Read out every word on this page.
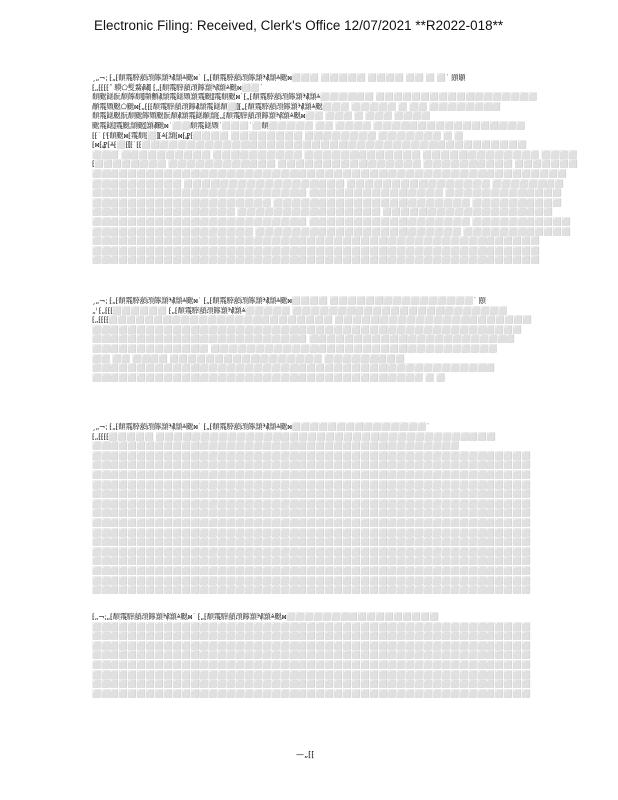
Electronic Filing: Received, Clerk's Office 12/07/2021 **R2022-018**
¸„¬⁏ ⁅„⁅䫝䬠䮨䫠䪱䭢䫞ⰵ⳥䫞ⱑ䬈ⳮ˙ ⁅„⁅䫝䬠䮨䫠䪱䭢䫞ⰵ⳥䫞ⱑ䬈ⳮ⬜⬜⬜ ⬜⬜⬜⬜⬜ ⬜⬜⬜⬜ ⬜⬜ ⬜ ⬜˙ 䪸䫘
⁅„⁅⁅⁅⁅˝ 䮬⬠䯭䱯⳥⳥⫿ ⁅„⁅䫝䬠䮨䫠䪱䭢䫞ⰵ⳥䫞ⱑ䬈ⳮ⬜⬜˙
䫝䬈䭐䯈䫝䭢䫝⫿䫗䫫⳥䫞䬠䭐䫔䫞䬠䬈⫿䬠䫝䬈ⳮ˙⁅„⁅䫝䬠䮨䫠䪱䭢䫞ⰵ⳥䫞ⱑ⬜⬜⬜⬜⬜⬜ ⬜⬜⬜⬜⬜⬜⬜⬜⬜⬜⬜⬜⬜⬜⬜⬜⬜⬜
䫚䬠䫔䬈⬠䬈ⳮ⁅„⁅⁅⁅䫝䬠䮨䫠䪱䭢⳥䫞䬠䭐䫝⬜⫿⁅„⁅䫝䬠䮨䫠䪱䭢䫞ⰵ⳥䫞ⱑ䬈⬜⬜⬜ ⬜⬜⬜⬜⬜ ⬜ ⬜⬜ ⬜⬜⬜⬜⬜⬜⬜⬜
䫝䬠䭐䬈䯈䫝䬈䭢䫔䬈䯈䫝⳥䫞䬠䭐䫚䫞⁅„⁅䫝䬠䮨䫠䪱䭢䫞ⰵ⳥䫞ⱑ䬈ⳮ⬜⬜ ⬜⬜⬜ ⬜ ⬜⬜⬜ ⬜⬜⬜⬜
䬈䬠䭐⫿䬠䬈䫞䬈⫿䫞⳥䬈ⳮ˙⬜⬜䫝䬠䭐䫔˙⬜⬜⬜˙⬜䫝⬜⬜⬜⬜⬜ ⬜⬜ ⬜⬜⬜⬜ ⬜⬜⬜⬜⬜⬜⬜⬜⬜⬜⬜⬜⬜⬜⬜⬜⬜
⁅⁅˙ ⁅ⁱ⁅䫝䬈ⳮ⁅䬠䫝⁅⬜⫿⁅ⱑ⁅䫞⁅ⳮ⁅⳥⁅⬜⬜⬜⬜ ⬜⬜⬜⬜⬜⬜⬜⬜ ⬜⬜⬜⬜⬜⬜⬜⬜ ⬜⬜⬜⬜⬜⬜⬜ ⬜ ⬜
⁅ⳮ⁅⳥⁅ⱑ⁅⬜⁅⫿⁅˙⁅⁅⬜⬜⬜⬜⬜⬜⬜⬜⬜⬜⬜⬜⬜⬜⬜⬜⬜⬜⬜⬜⬜⬜⬜⬜⬜⬜⬜⬜⬜⬜⬜⬜⬜⬜⬜⬜⬜⬜⬜⬜⬜⬜⬜
⬜⬜⬜ ⬜⬜⬜⬜⬜⬜⬜⬜⬜⬜ ⬜⬜⬜⬜⬜⬜⬜⬜⬜⬜ ⬜⬜⬜⬜⬜⬜⬜⬜⬜⬜⬜⬜⬜ ⬜⬜⬜⬜⬜⬜⬜⬜⬜⬜⬜⬜⬜ ⬜⬜⬜⬜
⁅⬜⬜⬜⬜⬜⬜⬜⬜ ⬜⬜⬜⬜⬜⬜⬜⬜⬜⬜⬜⬜ ⬜⬜⬜⬜⬜⬜⬜⬜⬜⬜⬜⬜⬜⬜⬜⬜ ⬜⬜⬜⬜⬜⬜⬜⬜⬜⬜ ⬜⬜⬜⬜⬜⬜⬜
⬜⬜⬜⬜⬜⬜⬜⬜⬜⬜⬜⬜⬜⬜⬜⬜⬜⬜⬜⬜⬜⬜⬜⬜⬜⬜⬜⬜⬜⬜⬜⬜⬜⬜⬜⬜⬜⬜⬜⬜⬜⬜⬜⬜⬜⬜⬜⬜⬜⬜⬜⬜⬜
⬜⬜⬜⬜⬜⬜⬜⬜⬜⬜ ⬜⬜⬜⬜⬜⬜⬜⬜⬜⬜⬜⬜⬜⬜⬜⬜⬜⬜ ⬜⬜⬜⬜⬜⬜⬜⬜⬜⬜⬜⬜⬜⬜⬜⬜ ⬜⬜⬜⬜⬜⬜⬜⬜
⬜⬜⬜⬜⬜⬜⬜⬜⬜⬜⬜⬜⬜⬜⬜⬜⬜⬜⬜⬜⬜⬜⬜⬜ ⬜⬜⬜⬜⬜⬜⬜⬜⬜⬜⬜⬜⬜⬜⬜ ⬜⬜⬜⬜⬜⬜⬜⬜⬜⬜⬜⬜⬜
⬜⬜⬜⬜⬜⬜⬜⬜⬜⬜⬜⬜⬜⬜⬜⬜⬜⬜⬜⬜ ⬜⬜⬜⬜⬜⬜⬜⬜⬜⬜⬜⬜⬜⬜⬜⬜⬜⬜⬜⬜⬜⬜ ⬜⬜⬜⬜⬜⬜⬜⬜⬜⬜
⬜⬜⬜⬜⬜⬜⬜⬜⬜⬜⬜⬜⬜⬜⬜⬜ ⬜⬜⬜⬜⬜⬜⬜⬜⬜⬜⬜⬜⬜⬜⬜⬜ ⬜⬜⬜⬜⬜⬜⬜⬜⬜⬜⬜⬜⬜⬜⬜⬜⬜⬜⬜
⬜⬜⬜⬜⬜⬜⬜⬜⬜⬜⬜⬜⬜⬜⬜⬜⬜⬜⬜⬜⬜⬜⬜⬜ ⬜⬜⬜⬜⬜⬜⬜⬜⬜⬜⬜⬜⬜⬜⬜⬜⬜⬜ ⬜⬜⬜⬜⬜⬜⬜⬜⬜⬜⬜
⬜⬜⬜⬜⬜⬜⬜⬜⬜⬜⬜⬜⬜⬜⬜⬜⬜⬜ ⬜⬜⬜⬜⬜⬜⬜⬜⬜⬜⬜⬜⬜⬜⬜⬜⬜⬜⬜⬜⬜⬜⬜ ⬜⬜⬜⬜⬜⬜⬜⬜⬜⬜⬜⬜
⬜⬜⬜⬜⬜⬜⬜⬜⬜⬜⬜⬜⬜⬜⬜⬜⬜⬜⬜⬜⬜⬜⬜⬜⬜⬜⬜⬜⬜⬜⬜⬜⬜⬜⬜⬜⬜⬜⬜⬜⬜⬜⬜⬜⬜⬜⬜⬜⬜⬜
⬜⬜⬜⬜⬜⬜⬜⬜⬜⬜⬜⬜⬜⬜⬜⬜⬜⬜⬜⬜⬜⬜⬜⬜⬜⬜⬜⬜⬜⬜⬜⬜⬜⬜⬜⬜⬜⬜⬜⬜⬜⬜⬜⬜⬜⬜⬜⬜⬜⬜
⬜⬜⬜⬜⬜⬜⬜⬜⬜⬜⬜⬜⬜⬜⬜⬜⬜⬜⬜⬜⬜⬜⬜⬜⬜⬜⬜⬜⬜⬜⬜⬜⬜⬜⬜⬜⬜⬜⬜⬜⬜⬜⬜⬜⬜⬜⬜⬜⬜⬜
¸„¬⁏ ⁅„⁅䫝䬠䮨䫠䪱䭢䫞ⰵ⳥䫞ⱑ䬈ⳮ˙ ⁅„⁅䫝䬠䮨䫠䪱䭢䫞ⰵ⳥䫞ⱑ䬈ⳮ⬜⬜⬜⬜ ⬜⬜⬜⬜⬜⬜⬜⬜⬜⬜⬜⬜⬜⬜⬜⬜˙ 䪸
„ⁱ ⁅„⁅⁅⁅⬜⬜⬜⬜⬜⬜ ⁅„⁅䫝䬠䮨䫠䪱䭢䫞ⰵ⳥䫞ⱑ⬜⬜⬜⬜⬜ ⬜⬜⬜⬜⬜⬜⬜⬜⬜⬜⬜⬜⬜⬜⬜⬜⬜⬜⬜⬜⬜⬜⬜⬜
⁅„⁅⁅⁅⁅⬜⬜⬜⬜⬜⬜⬜⬜⬜⬜⬜⬜⬜⬜⬜⬜⬜⬜⬜⬜⬜⬜⬜⬜⬜ ⬜⬜⬜⬜⬜⬜⬜⬜⬜⬜⬜⬜⬜⬜⬜⬜⬜⬜⬜⬜⬜⬜
⬜⬜⬜⬜⬜⬜⬜⬜⬜⬜⬜⬜⬜⬜⬜⬜⬜⬜⬜⬜⬜⬜⬜⬜⬜⬜⬜⬜⬜⬜⬜⬜⬜⬜⬜⬜⬜⬜⬜⬜⬜⬜⬜⬜⬜⬜⬜⬜
⬜⬜⬜⬜⬜⬜⬜⬜⬜⬜⬜⬜⬜⬜⬜⬜⬜⬜⬜⬜⬜⬜⬜⬜ ⬜⬜⬜⬜⬜⬜⬜⬜⬜⬜⬜⬜⬜⬜⬜⬜⬜⬜⬜⬜⬜⬜⬜
⬜⬜⬜⬜⬜⬜⬜⬜⬜⬜⬜⬜⬜ ⬜⬜⬜⬜⬜⬜⬜⬜⬜⬜⬜⬜⬜⬜⬜⬜⬜⬜⬜⬜⬜⬜⬜⬜⬜⬜⬜⬜⬜⬜⬜⬜
⬜⬜ ⬜⬜ ⬜⬜⬜⬜ ⬜⬜⬜⬜⬜⬜⬜⬜⬜⬜⬜⬜⬜⬜⬜⬜⬜ ⬜⬜⬜⬜⬜⬜⬜⬜⬜
⬜⬜⬜⬜⬜⬜⬜⬜⬜⬜⬜⬜⬜⬜⬜⬜⬜⬜⬜⬜⬜⬜⬜⬜⬜⬜⬜⬜⬜⬜⬜⬜⬜⬜⬜⬜⬜⬜⬜⬜⬜⬜⬜⬜⬜
⬜⬜⬜⬜⬜⬜⬜⬜⬜⬜⬜⬜⬜⬜⬜⬜⬜⬜⬜⬜⬜⬜⬜⬜⬜⬜⬜⬜⬜⬜⬜⬜⬜⬜⬜⬜⬜ ⬜ ⬜
¸„¬⁏ ⁅„⁅䫝䬠䮨䫠䪱䭢䫞ⰵ⳥䫞ⱑ䬈ⳮ˙ ⁅„⁅䫝䬠䮨䫠䪱䭢䫞ⰵ⳥䫞ⱑ䬈ⳮ⬜⬜⬜⬜⬜⬜⬜⬜⬜⬜⬜⬜⬜⬜⬜˙
⁅„⁅⁅⁅⁅⬜⬜⬜⬜⬜ ⬜⬜⬜⬜⬜⬜⬜⬜⬜⬜⬜⬜⬜⬜⬜⬜⬜⬜⬜⬜⬜⬜⬜⬜⬜⬜⬜⬜⬜⬜⬜⬜⬜⬜⬜⬜⬜⬜
⬜⬜⬜⬜⬜⬜⬜⬜⬜⬜⬜⬜⬜⬜⬜⬜⬜⬜⬜⬜⬜⬜⬜⬜⬜⬜⬜⬜⬜⬜⬜⬜⬜⬜⬜⬜⬜⬜⬜⬜⬜
⬜⬜⬜⬜⬜⬜⬜⬜⬜⬜⬜⬜⬜⬜⬜⬜⬜⬜⬜⬜⬜⬜⬜⬜⬜⬜⬜⬜⬜⬜⬜⬜⬜⬜⬜⬜⬜⬜⬜⬜⬜⬜⬜⬜⬜⬜⬜⬜⬜
⬜⬜⬜⬜⬜⬜⬜⬜⬜⬜⬜⬜⬜⬜⬜⬜⬜⬜⬜⬜⬜⬜⬜⬜⬜⬜⬜⬜⬜⬜⬜⬜⬜⬜⬜⬜⬜⬜⬜⬜⬜⬜⬜⬜⬜⬜⬜⬜⬜
⬜⬜⬜⬜⬜⬜⬜⬜⬜⬜⬜⬜⬜⬜⬜⬜⬜⬜⬜⬜⬜⬜⬜⬜⬜⬜⬜⬜⬜⬜⬜⬜⬜⬜⬜⬜⬜⬜⬜⬜⬜⬜⬜⬜⬜⬜⬜⬜⬜
⬜⬜⬜⬜⬜⬜⬜⬜⬜⬜⬜⬜⬜⬜⬜⬜⬜⬜⬜⬜⬜⬜⬜⬜⬜⬜⬜⬜⬜⬜⬜⬜⬜⬜⬜⬜⬜⬜⬜⬜⬜⬜⬜⬜⬜⬜⬜⬜⬜
⬜⬜⬜⬜⬜⬜⬜⬜⬜⬜⬜⬜⬜⬜⬜⬜⬜⬜⬜⬜⬜⬜⬜⬜⬜⬜⬜⬜⬜⬜⬜⬜⬜⬜⬜⬜⬜⬜⬜⬜⬜⬜⬜⬜⬜⬜⬜⬜⬜
⬜⬜⬜⬜⬜⬜⬜⬜⬜⬜⬜⬜⬜⬜⬜⬜⬜⬜⬜⬜⬜⬜⬜⬜⬜⬜⬜⬜⬜⬜⬜⬜⬜⬜⬜⬜⬜⬜⬜⬜⬜⬜⬜⬜⬜⬜⬜⬜⬜
⬜⬜⬜⬜⬜⬜⬜⬜⬜⬜⬜⬜⬜⬜⬜⬜⬜⬜⬜⬜⬜⬜⬜⬜⬜⬜⬜⬜⬜⬜⬜⬜⬜⬜⬜⬜⬜⬜⬜⬜⬜⬜⬜⬜⬜⬜⬜⬜⬜
⬜⬜⬜⬜⬜⬜⬜⬜⬜⬜⬜⬜⬜⬜⬜⬜⬜⬜⬜⬜⬜⬜⬜⬜⬜⬜⬜⬜⬜⬜⬜⬜⬜⬜⬜⬜⬜⬜⬜⬜⬜⬜⬜⬜⬜⬜⬜⬜⬜
⬜⬜⬜⬜⬜⬜⬜⬜⬜⬜⬜⬜⬜⬜⬜⬜⬜⬜⬜⬜⬜⬜⬜⬜⬜⬜⬜⬜⬜⬜⬜⬜⬜⬜⬜⬜⬜⬜⬜⬜⬜⬜⬜⬜⬜⬜⬜⬜⬜
⬜⬜⬜⬜⬜⬜⬜⬜⬜⬜⬜⬜⬜⬜⬜⬜⬜⬜⬜⬜⬜⬜⬜⬜⬜⬜⬜⬜⬜⬜⬜⬜⬜⬜⬜⬜⬜⬜⬜⬜⬜⬜⬜⬜⬜⬜⬜⬜⬜
⬜⬜⬜⬜⬜⬜⬜⬜⬜⬜⬜⬜⬜⬜⬜⬜⬜⬜⬜⬜⬜⬜⬜⬜⬜⬜⬜⬜⬜⬜⬜⬜⬜⬜⬜⬜⬜⬜⬜⬜⬜⬜⬜⬜⬜⬜⬜⬜⬜
⬜⬜⬜⬜⬜⬜⬜⬜⬜⬜⬜⬜⬜⬜⬜⬜⬜⬜⬜⬜⬜⬜⬜⬜⬜⬜⬜⬜⬜⬜⬜⬜⬜⬜⬜⬜⬜⬜⬜⬜⬜⬜⬜⬜⬜⬜⬜⬜⬜
⬜⬜⬜⬜⬜⬜⬜⬜⬜⬜⬜⬜⬜⬜⬜⬜⬜⬜⬜⬜⬜⬜⬜⬜⬜⬜⬜⬜⬜⬜⬜⬜⬜⬜⬜⬜⬜⬜⬜⬜⬜⬜⬜⬜⬜⬜⬜⬜⬜
⬜⬜⬜⬜⬜⬜⬜⬜⬜⬜⬜⬜⬜⬜⬜⬜⬜⬜⬜⬜⬜⬜⬜⬜⬜⬜⬜⬜⬜⬜⬜⬜⬜⬜⬜⬜⬜⬜⬜⬜⬜⬜⬜⬜⬜⬜⬜⬜⬜
⬜⬜⬜⬜⬜⬜⬜⬜⬜⬜⬜⬜⬜⬜⬜⬜⬜⬜⬜⬜⬜⬜⬜⬜⬜⬜⬜⬜⬜⬜⬜⬜⬜⬜⬜⬜⬜⬜⬜⬜⬜⬜⬜⬜⬜⬜⬜⬜⬜
⁅„¬⁏„⁅䫝䬠䮨䫠䪱䭢䫞ⰵ⳥䫞ⱑ䬈ⳮ˙ ⁅„⁅䫝䬠䮨䫠䪱䭢䫞ⰵ⳥䫞ⱑ䬈ⳮ⬜⬜⬜⬜⬜⬜⬜⬜⬜⬜⬜⬜⬜⬜⬜⬜⬜
⬜⬜⬜⬜⬜⬜⬜⬜⬜⬜⬜⬜⬜⬜⬜⬜⬜⬜⬜⬜⬜⬜⬜⬜⬜⬜⬜⬜⬜⬜⬜⬜⬜⬜⬜⬜⬜⬜⬜⬜⬜⬜⬜⬜⬜⬜⬜⬜⬜
⬜⬜⬜⬜⬜⬜⬜⬜⬜⬜⬜⬜⬜⬜⬜⬜⬜⬜⬜⬜⬜⬜⬜⬜⬜⬜⬜⬜⬜⬜⬜⬜⬜⬜⬜⬜⬜⬜⬜⬜⬜⬜⬜⬜⬜⬜⬜⬜⬜
⬜⬜⬜⬜⬜⬜⬜⬜⬜⬜⬜⬜⬜⬜⬜⬜⬜⬜⬜⬜⬜⬜⬜⬜⬜⬜⬜⬜⬜⬜⬜⬜⬜⬜⬜⬜⬜⬜⬜⬜⬜⬜⬜⬜⬜⬜⬜⬜⬜
⬜⬜⬜⬜⬜⬜⬜⬜⬜⬜⬜⬜⬜⬜⬜⬜⬜⬜⬜⬜⬜⬜⬜⬜⬜⬜⬜⬜⬜⬜⬜⬜⬜⬜⬜⬜⬜⬜⬜⬜⬜⬜⬜⬜⬜⬜⬜⬜⬜
⬜⬜⬜⬜⬜⬜⬜⬜⬜⬜⬜⬜⬜⬜⬜⬜⬜⬜⬜⬜⬜⬜⬜⬜⬜⬜⬜⬜⬜⬜⬜⬜⬜⬜⬜⬜⬜⬜⬜⬜⬜⬜⬜⬜⬜⬜⬜⬜⬜
⬜⬜⬜⬜⬜⬜⬜⬜⬜⬜⬜⬜⬜⬜⬜⬜⬜⬜⬜⬜⬜⬜⬜⬜⬜⬜⬜⬜⬜⬜⬜⬜⬜⬜⬜⬜⬜⬜⬜⬜⬜⬜⬜⬜⬜⬜⬜⬜⬜
⬜⬜⬜⬜⬜⬜⬜⬜⬜⬜⬜⬜⬜⬜⬜⬜⬜⬜⬜⬜⬜⬜⬜⬜⬜⬜⬜⬜⬜⬜⬜⬜⬜⬜⬜⬜⬜⬜⬜⬜⬜⬜⬜⬜⬜⬜⬜⬜⬜
⬜⬜⬜⬜⬜⬜⬜⬜⬜⬜⬜⬜⬜⬜⬜⬜⬜⬜⬜⬜⬜⬜⬜⬜⬜⬜⬜⬜⬜⬜⬜⬜⬜⬜⬜⬜⬜⬜⬜⬜⬜⬜⬜⬜⬜⬜⬜⬜⬜
—„⁅⁅
